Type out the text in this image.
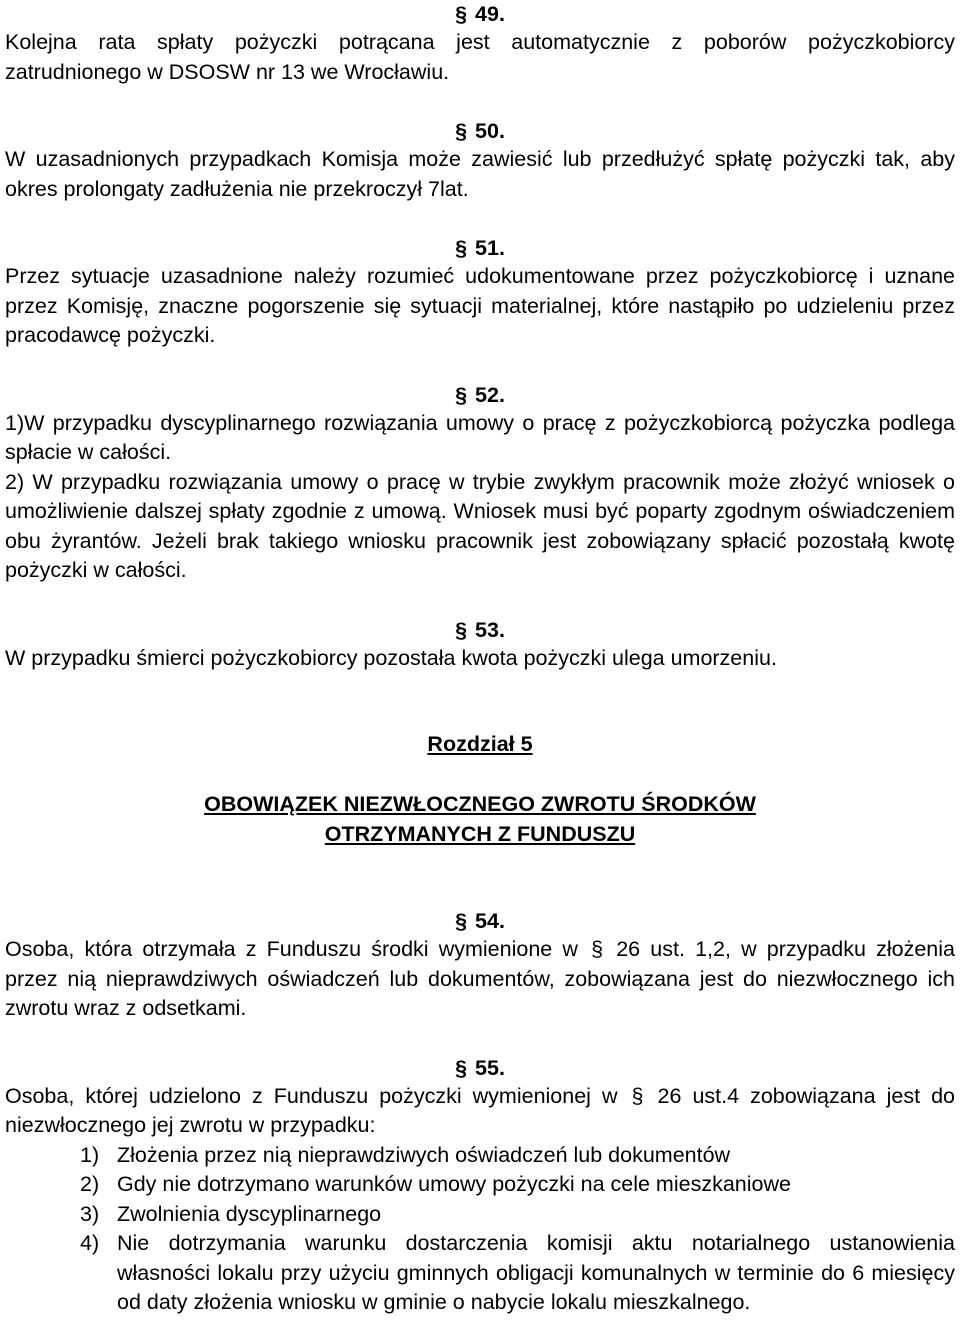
§ 49.

Kolejna rata spłaty pożyczki potrącana jest automatycznie z poborów pożyczkobiorcy zatrudnionego w DSOSW nr 13 we Wrocławiu.

§ 50.

W uzasadnionych przypadkach Komisja może zawiesić lub przedłużyć spłatę pożyczki tak, aby okres prolongaty zadłużenia nie przekroczył 7lat.

§ 51.

Przez sytuacje uzasadnione należy rozumieć udokumentowane przez pożyczkobiorcę i uznane przez Komisję, znaczne pogorszenie się sytuacji materialnej, które nastąpiło po udzieleniu przez pracodawcę pożyczki.

§ 52.

1)W przypadku dyscyplinarnego rozwiązania umowy o pracę z pożyczkobiorcą pożyczka podlega spłacie w całości.

2) W przypadku rozwiązania umowy o pracę w trybie zwykłym pracownik może złożyć wniosek o umożliwienie dalszej spłaty zgodnie z umową. Wniosek musi być poparty zgodnym oświadczeniem obu żyrantów. Jeżeli brak takiego wniosku pracownik jest zobowiązany spłacić pozostałą kwotę pożyczki w całości.

§ 53.

W przypadku śmierci pożyczkobiorcy pozostała kwota pożyczki ulega umorzeniu.

Rozdział 5

OBOWIĄZEK NIEZWŁOCZNEGO ZWROTU ŚRODKÓW

OTRZYMANYCH Z FUNDUSZU

§ 54.

Osoba, która otrzymała z Funduszu środki wymienione w § 26 ust. 1,2, w przypadku złożenia przez nią nieprawdziwych oświadczeń lub dokumentów, zobowiązana jest do niezwłocznego ich zwrotu wraz z odsetkami.

§ 55.

Osoba, której udzielono z Funduszu pożyczki wymienionej w § 26 ust.4 zobowiązana jest do niezwłocznego jej zwrotu w przypadku:

1) Złożenia przez nią nieprawdziwych oświadczeń lub dokumentów
2) Gdy nie dotrzymano warunków umowy pożyczki na cele mieszkaniowe
3) Zwolnienia dyscyplinarnego
4) Nie dotrzymania warunku dostarczenia komisji aktu notarialnego ustanowienia własności lokalu przy użyciu gminnych obligacji komunalnych w terminie do 6 miesięcy od daty złożenia wniosku w gminie o nabycie lokalu mieszkalnego.
